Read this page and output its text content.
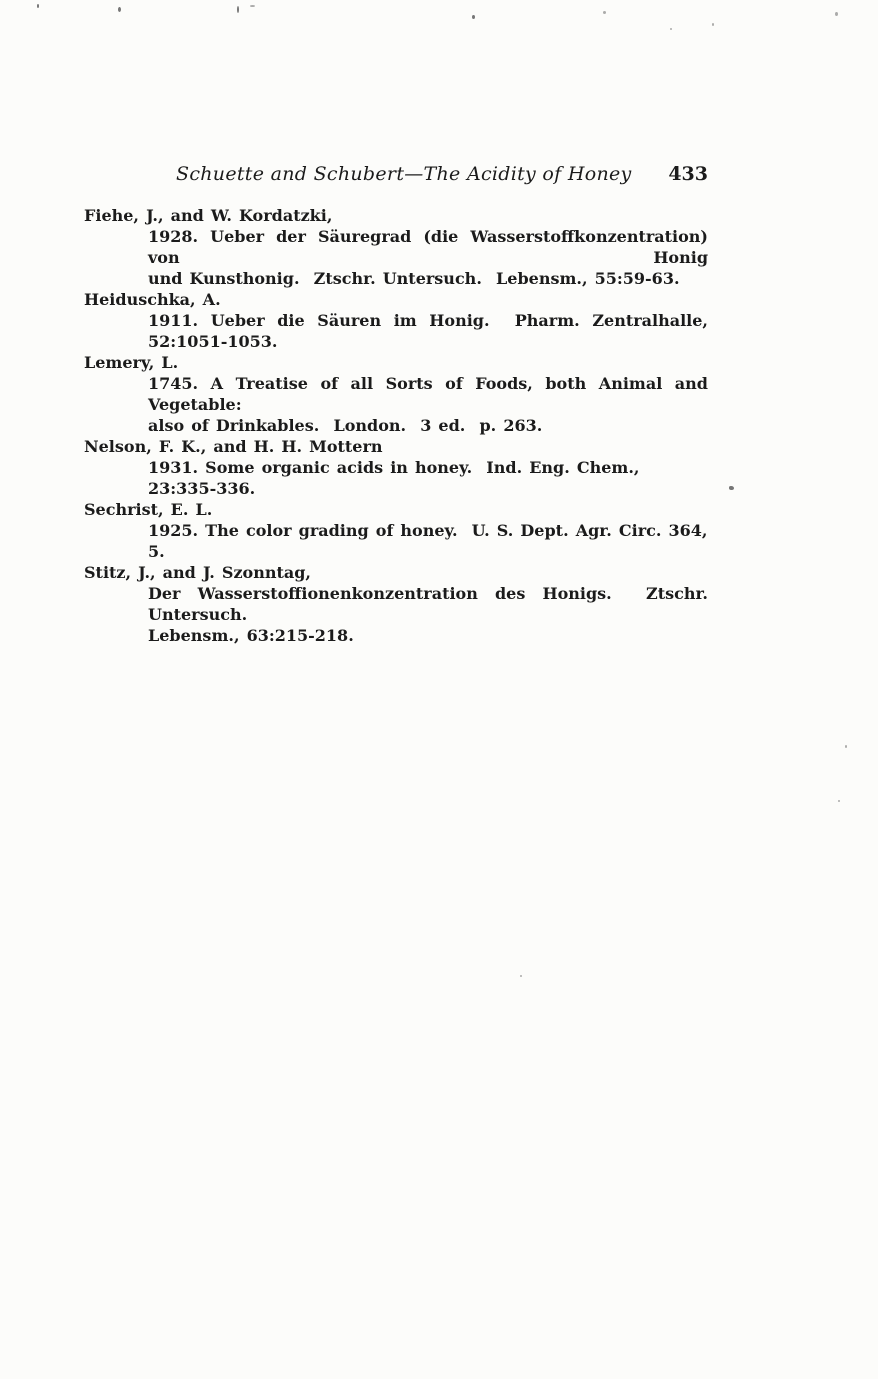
Schuette and Schubert—The Acidity of Honey 433
Fiehe, J., and W. Kordatzki,
1928. Ueber der Säuregrad (die Wasserstoffkonzentration) von Honig
und Kunsthonig.  Ztschr. Untersuch.  Lebensm., 55:59-63.
Heiduschka, A.
1911. Ueber die Säuren im Honig.  Pharm. Zentralhalle, 52:1051-1053.
Lemery, L.
1745. A Treatise of all Sorts of Foods, both Animal and Vegetable:
also of Drinkables.  London.  3 ed.  p. 263.
Nelson, F. K., and H. H. Mottern
1931. Some organic acids in honey.  Ind. Eng. Chem., 23:335-336.
Sechrist, E. L.
1925. The color grading of honey.  U. S. Dept. Agr. Circ. 364, 5.
Stitz, J., and J. Szonntag,
Der Wasserstoffionenkonzentration des Honigs.  Ztschr. Untersuch.
Lebensm., 63:215-218.
